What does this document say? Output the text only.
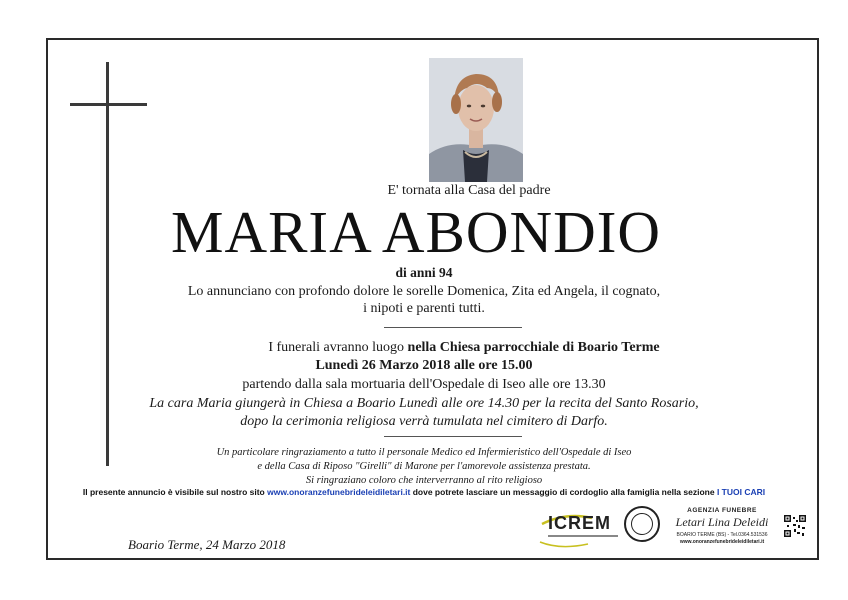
E' tornata alla Casa del padre
MARIA ABONDIO
di anni 94
Lo annunciano con profondo dolore le sorelle Domenica, Zita ed Angela, il cognato,
i nipoti e parenti tutti.
I funerali avranno luogo nella Chiesa parrocchiale di Boario Terme
Lunedì 26 Marzo 2018 alle ore 15.00
partendo dalla sala mortuaria dell'Ospedale di Iseo alle ore 13.30
La cara Maria giungerà in Chiesa a Boario Lunedì alle ore 14.30 per la recita del Santo Rosario,
dopo la cerimonia religiosa verrà tumulata nel cimitero di Darfo.
Un particolare ringraziamento a tutto il personale Medico ed Infermieristico dell'Ospedale di Iseo
e della Casa di Riposo "Girelli" di Marone per l'amorevole assistenza prestata.
Si ringraziano coloro che interverranno al rito religioso
Il presente annuncio è visibile sul nostro sito www.onoranzefunebrideleidiletari.it dove potrete lasciare un messaggio di cordoglio alla famiglia nella sezione I TUOI CARI
Boario Terme, 24 Marzo 2018
ICREM
AGENZIA FUNEBRE
Letari Lina Deleidi
BOARIO TERME (BS) - Tel.0364.531536
www.onoranzefunebrideleidiletari.it
